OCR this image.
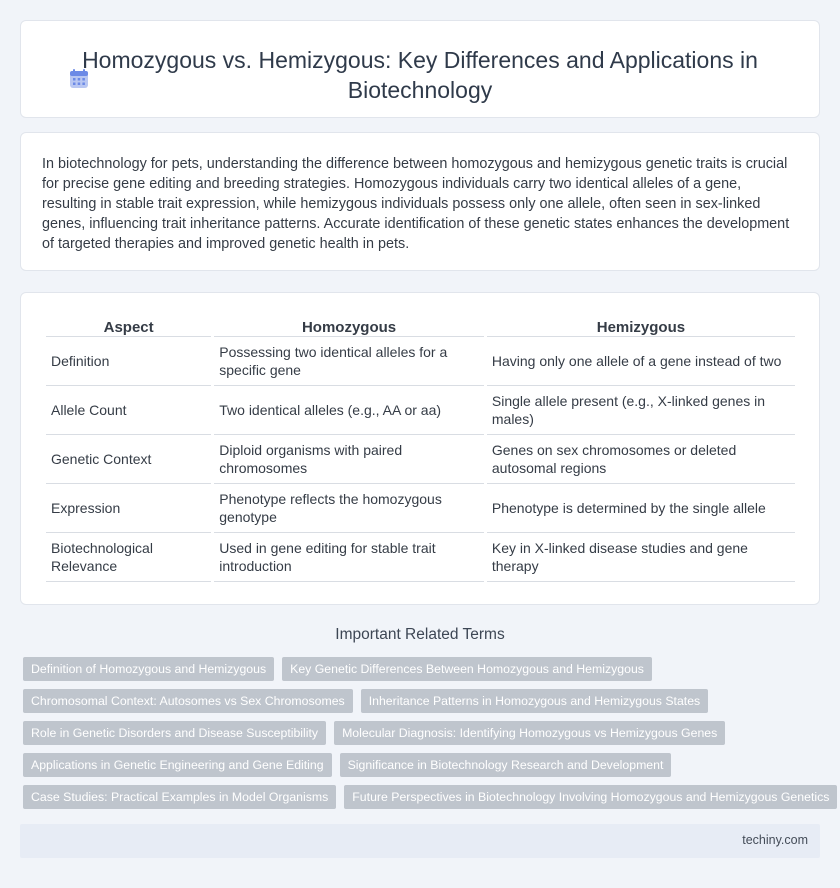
Homozygous vs. Hemizygous: Key Differences and Applications in Biotechnology

In biotechnology for pets, understanding the difference between homozygous and hemizygous genetic traits is crucial for precise gene editing and breeding strategies. Homozygous individuals carry two identical alleles of a gene, resulting in stable trait expression, while hemizygous individuals possess only one allele, often seen in sex-linked genes, influencing trait inheritance patterns. Accurate identification of these genetic states enhances the development of targeted therapies and improved genetic health in pets.

Aspect	Homozygous	Hemizygous
Definition	Possessing two identical alleles for a specific gene	Having only one allele of a gene instead of two
Allele Count	Two identical alleles (e.g., AA or aa)	Single allele present (e.g., X-linked genes in males)
Genetic Context	Diploid organisms with paired chromosomes	Genes on sex chromosomes or deleted autosomal regions
Expression	Phenotype reflects the homozygous genotype	Phenotype is determined by the single allele
Biotechnological Relevance	Used in gene editing for stable trait introduction	Key in X-linked disease studies and gene therapy
Important Related Terms
Definition of Homozygous and Hemizygous	Key Genetic Differences Between Homozygous and Hemizygous
Chromosomal Context: Autosomes vs Sex Chromosomes	Inheritance Patterns in Homozygous and Hemizygous States
Role in Genetic Disorders and Disease Susceptibility	Molecular Diagnosis: Identifying Homozygous vs Hemizygous Genes
Applications in Genetic Engineering and Gene Editing	Significance in Biotechnology Research and Development
Case Studies: Practical Examples in Model Organisms	Future Perspectives in Biotechnology Involving Homozygous and Hemizygous Genetics
techiny.com
